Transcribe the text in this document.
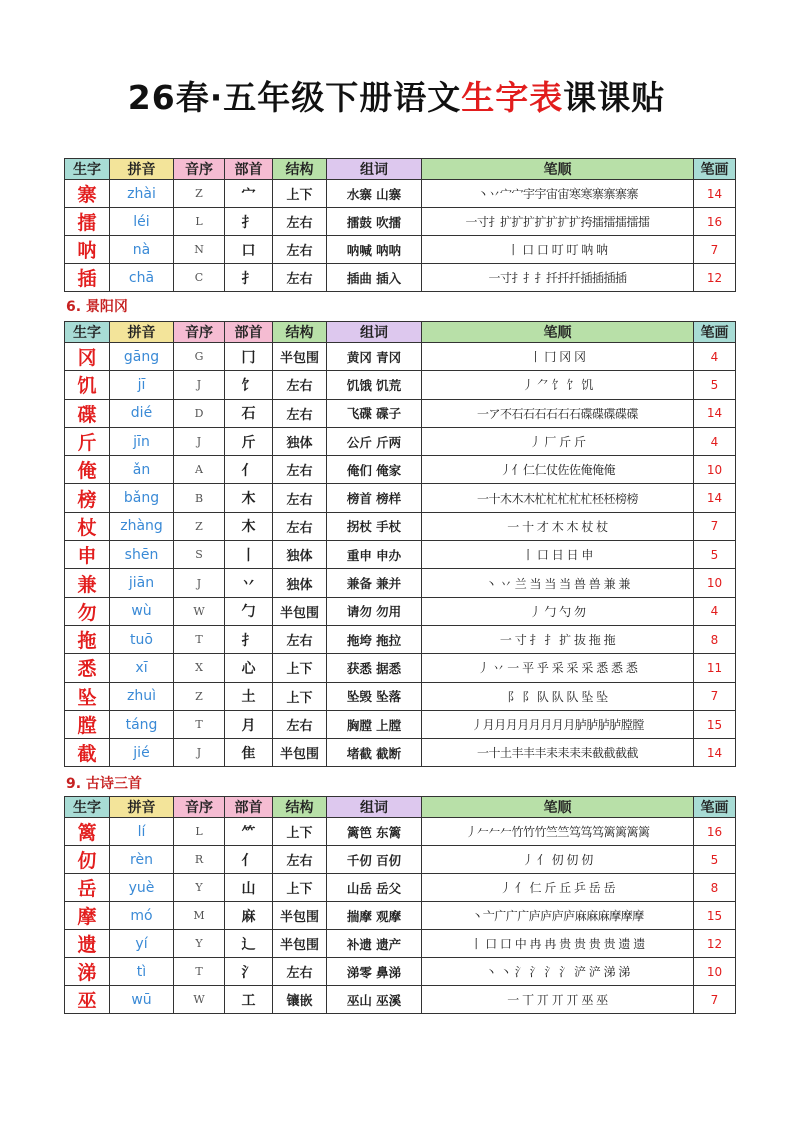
26春·五年级下册语文生字表课课贴
生字	拼音	音序	部首	结构	组词	笔顺	笔画
寨	zhài	Z	宀	上下	水寨 山寨	丶丷宀宀宇宇宙宙寒寒寨寨寨寨	14
擂	léi	L	扌	左右	擂鼓 吹擂	一寸扌扩扩扩扩扩扩扩挎擂擂擂擂擂	16
呐	nà	N	口	左右	呐喊 呐呐	丨 口 口 叮 叮 呐 呐	7
插	chā	C	扌	左右	插曲 插入	一寸扌扌扌扦扦扦插插插插	12
生字	拼音	音序	部首	结构	组词	笔顺	笔画
冈	gāng	G	冂	半包围	黄冈 青冈	丨 冂 冈 冈	4
饥	jī	J	饣	左右	饥饿 饥荒	丿 ⺈ 饣 饣 饥	5
碟	dié	D	石	左右	飞碟 碟子	一ア不石石石石石石碟碟碟碟碟	14
斤	jīn	J	斤	独体	公斤 斤两	丿 厂 斤 斤	4
俺	ǎn	A	亻	左右	俺们 俺家	丿亻仁仁仗佐佐俺俺俺	10
榜	bǎng	B	木	左右	榜首 榜样	一十木木木杧杧杧杧杧柸柸榜榜	14
杖	zhàng	Z	木	左右	拐杖 手杖	一 十 才 木 木 杖 杖	7
申	shēn	S	丨	独体	重申 申办	丨 口 日 日 申	5
兼	jiān	J	丷	独体	兼备 兼并	丶 丷 兰 当 当 当 兽 兽 兼 兼	10
勿	wù	W	勹	半包围	请勿 勿用	丿 勹 勺 勿	4
拖	tuō	T	扌	左右	拖垮 拖拉	一 寸 扌 扌 扩 抜 拖 拖	8
悉	xī	X	心	上下	获悉 据悉	丿 丷 一 平 乎 采 采 采 悉 悉 悉	11
坠	zhuì	Z	土	上下	坠毁 坠落	阝 阝 队 队 队 坠 坠	7
膛	táng	T	月	左右	胸膛 上膛	丿月月月月月月月月胪胪胪胪膛膛	15
截	jié	J	隹	半包围	堵截 截断	一十土丰丰丰耒耒耒耒截截截截	14
生字	拼音	音序	部首	结构	组词	笔顺	笔画
篱	lí	L	⺮	上下	篱笆 东篱	丿𠂉𠂉𠂉竹竹竹竺竺笃笃笃篱篱篱篱	16
仞	rèn	R	亻	左右	千仞 百仞	丿 亻 仞 仞 仞	5
岳	yuè	Y	山	上下	山岳 岳父	丿 亻 仁 斤 丘 乒 岳 岳	8
摩	mó	M	麻	半包围	揣摩 观摩	丶亠广广广庐庐庐庐麻麻麻摩摩摩	15
遗	yí	Y	辶	半包围	补遗 遗产	丨 口 口 中 冉 冉 贵 贵 贵 贵 遗 遗	12
涕	tì	T	氵	左右	涕零 鼻涕	丶 丶 氵 氵 氵 氵 浐 浐 涕 涕	10
巫	wū	W	工	镶嵌	巫山 巫溪	一 丅 丌 丌 丌 巫 巫	7
6. 景阳冈
9. 古诗三首
